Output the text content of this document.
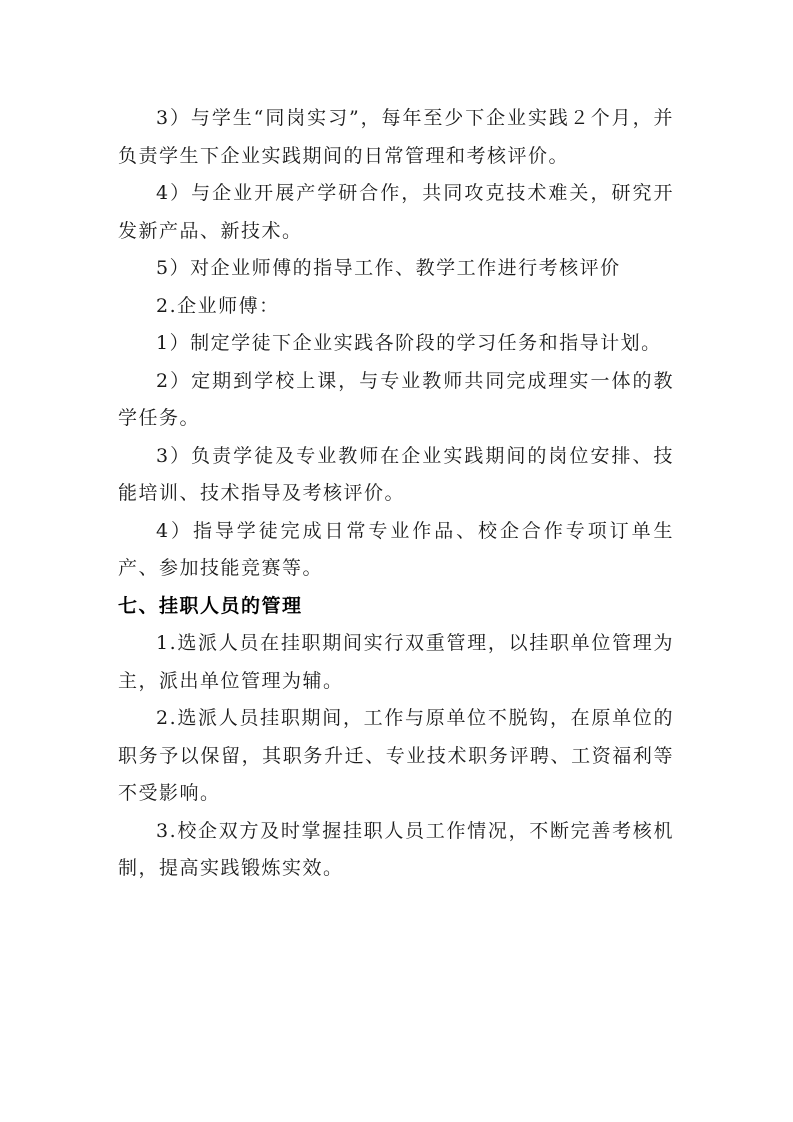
3）与学生“同岗实习”，每年至少下企业实践２个月，并负责学生下企业实践期间的日常管理和考核评价。

4）与企业开展产学研合作，共同攻克技术难关，研究开发新产品、新技术。

5）对企业师傅的指导工作、教学工作进行考核评价

2.企业师傅：

1）制定学徒下企业实践各阶段的学习任务和指导计划。

2）定期到学校上课，与专业教师共同完成理实一体的教学任务。

3）负责学徒及专业教师在企业实践期间的岗位安排、技能培训、技术指导及考核评价。

4）指导学徒完成日常专业作品、校企合作专项订单生产、参加技能竞赛等。

七、挂职人员的管理

1.选派人员在挂职期间实行双重管理，以挂职单位管理为主，派出单位管理为辅。

2.选派人员挂职期间，工作与原单位不脱钩，在原单位的职务予以保留，其职务升迁、专业技术职务评聘、工资福利等不受影响。

3.校企双方及时掌握挂职人员工作情况，不断完善考核机制，提高实践锻炼实效。
